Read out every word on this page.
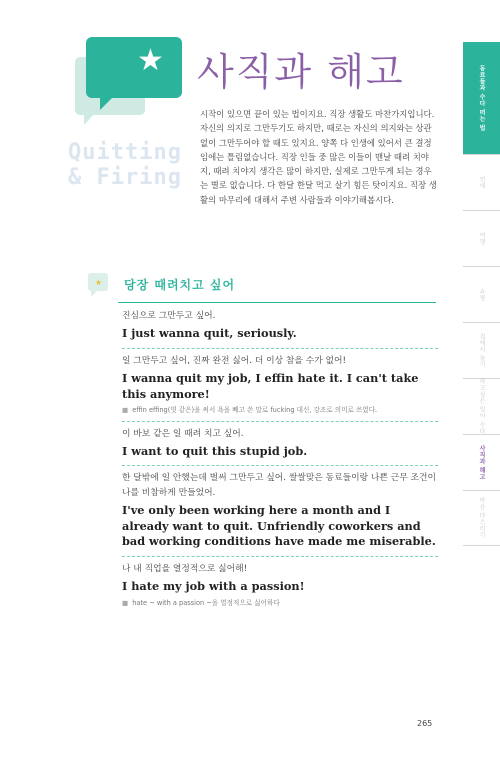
★
Quitting
& Firing
사직과 해고
시작이 있으면 끝이 있는 법이지요. 직장 생활도 마찬가지입니다. 자신의 의지로 그만두기도 하지만, 때로는 자신의 의지와는 상관없이 그만두어야 할 때도 있지요. 양쪽 다 인생에 있어서 큰 결정임에는 틀림없습니다. 직장 인들 중 많은 이들이 맨날 때려 치야지, 때려 치야지 생각은 많이 하지만, 실제로 그만두게 되는 경우는 별로 없습니다. 다 한달 한달 먹고 살기 힘든 탓이지요. 직장 생활의 마무리에 대해서 주변 사람들과 이야기해봅시다.
동료들과 수다 떠는 법
연애
여행
쇼핑
집에서 놀기
하고싶은 일이 수다
사직과 해고
마음 다스리기
★ 당장 때려치고 싶어
진심으로 그만두고 싶어.
I just wanna quit, seriously.
일 그만두고 싶어, 진짜 완전 싫어. 더 이상 참을 수가 없어!
I wanna quit my job, I effin hate it. I can't take this anymore!
■ effin effing(엿 같은)을 써서 욕을 빼고 쓴 말로 fucking 대신, 강조로 의미로 쓰였다.
이 바보 같은 일 때려 치고 싶어.
I want to quit this stupid job.
한 달밖에 일 안했는데 벌써 그만두고 싶어. 쌀쌀맞은 동료들이랑 나쁜 근무 조건이 나를 비참하게 만들었어.
I've only been working here a month and I already want to quit. Unfriendly coworkers and bad working conditions have made me miserable.
나 내 직업을 열정적으로 싫어해!
I hate my job with a passion!
■ hate ~ with a passion ~을 열정적으로 싫어하다
265
